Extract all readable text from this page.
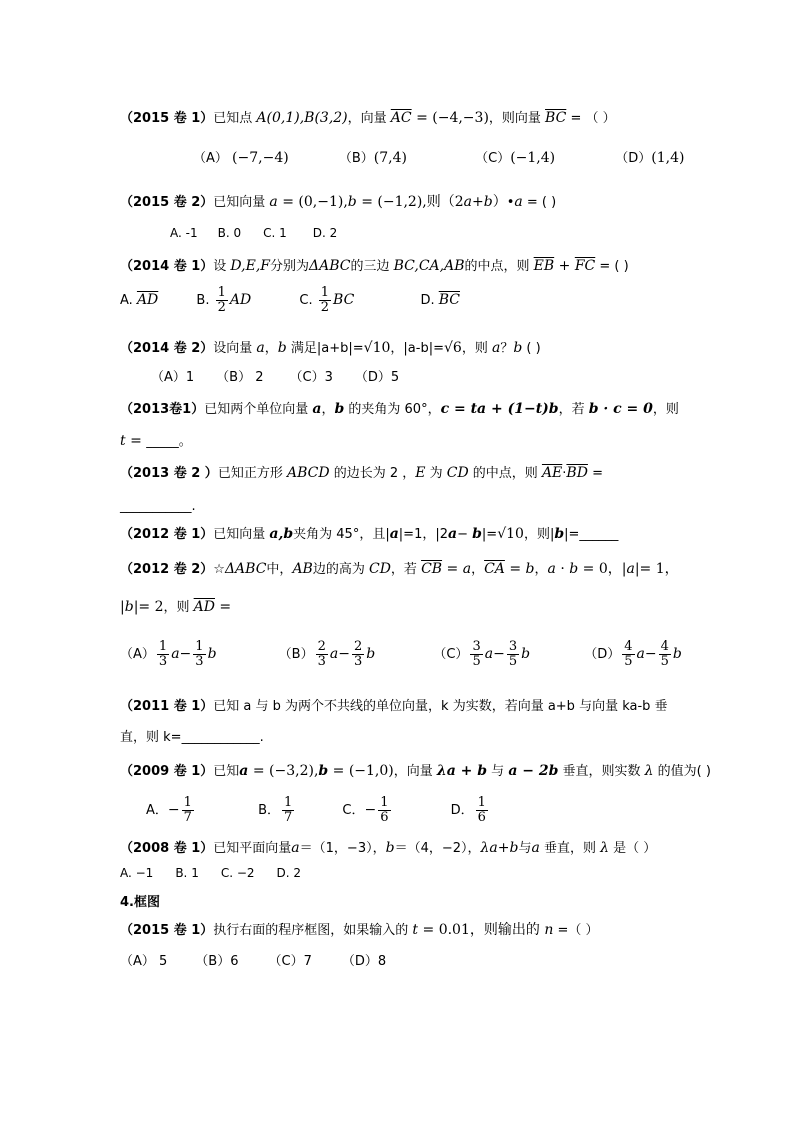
（2015 卷 1）已知点 A(0,1),B(3,2)，向量 $\overline{AC} = (-4,-3)$，则向量 $\overline{BC}$ = （ ）
（A） (−7,−4)	（B）(7,4)	（C）(−1,4)	（D）(1,4)
（2015 卷 2）已知向量 a = (0,−1),b = (−1,2),则（2a+b）•a = ( )
A. -1 B. 0 C. 1 D. 2
（2014 卷 1）设 D,E,F分别为ΔABC的三边 BC,CA,AB的中点，则 $\overline{EB} + \overline{FC}$ = ( )
A. $\overline{AD}$	B. $\frac{1}{2}$ AD	C. $\frac{1}{2}$ BC	D. $\overline{BC}$
（2014 卷 2）设向量 a，b 满足|a+b|=√10，|a-b|=√6，则 a？b ( )
（A）1 （B） 2 （C）3 （D）5
（2013卷1）已知两个单位向量 a，b 的夹角为 60°，c = ta + (1−t)b，若 b · c = 0，则
t = _____。
（2013 卷 2 ）已知正方形 ABCD 的边长为 2 ，E 为 CD 的中点，则 $\overline{AE}\cdot\overline{BD}$ =
___________.
（2012 卷 1）已知向量 a,b夹角为 45°，且|a|=1，|2a− b|=√10，则|b|=______
（2012 卷 2）☆ΔABC中，AB边的高为 CD，若 $\overline{CB} = a$，$\overline{CA} = b$，a · b = 0，|a|= 1，
|b|= 2，则 $\overline{AD}$ =
$(A) \frac{1}{3} a- \frac{1}{3}$ b	$(B) \frac{2}{3} a- \frac{2}{3}$ b	$(C) \frac{3}{5} a- \frac{3}{5}$ b	$(D) \frac{4}{5} a- \frac{4}{5}$ b
（2011 卷 1）已知 a 与 b 为两个不共线的单位向量，k 为实数，若向量 a+b 与向量 ka-b 垂
直，则 k=____________.
（2009 卷 1）已知a = (−3,2),b = (−1,0)，向量 λa + b 与 a − 2b 垂直，则实数 λ 的值为( )
A．− $\frac{1}{7}$	B． $\frac{1}{7}$	C．− $\frac{1}{6}$	D． $\frac{1}{6}$
（2008 卷 1）已知平面向量a＝（1，−3），b＝（4，−2），λa+b与a 垂直，则 λ 是（ ）
A. −1 B. 1 C. −2 D. 2
4.框图
（2015 卷 1）执行右面的程序框图，如果输入的 t = 0.01，则输出的 n =（ ）
（A） 5 （B）6 （C）7 （D）8
